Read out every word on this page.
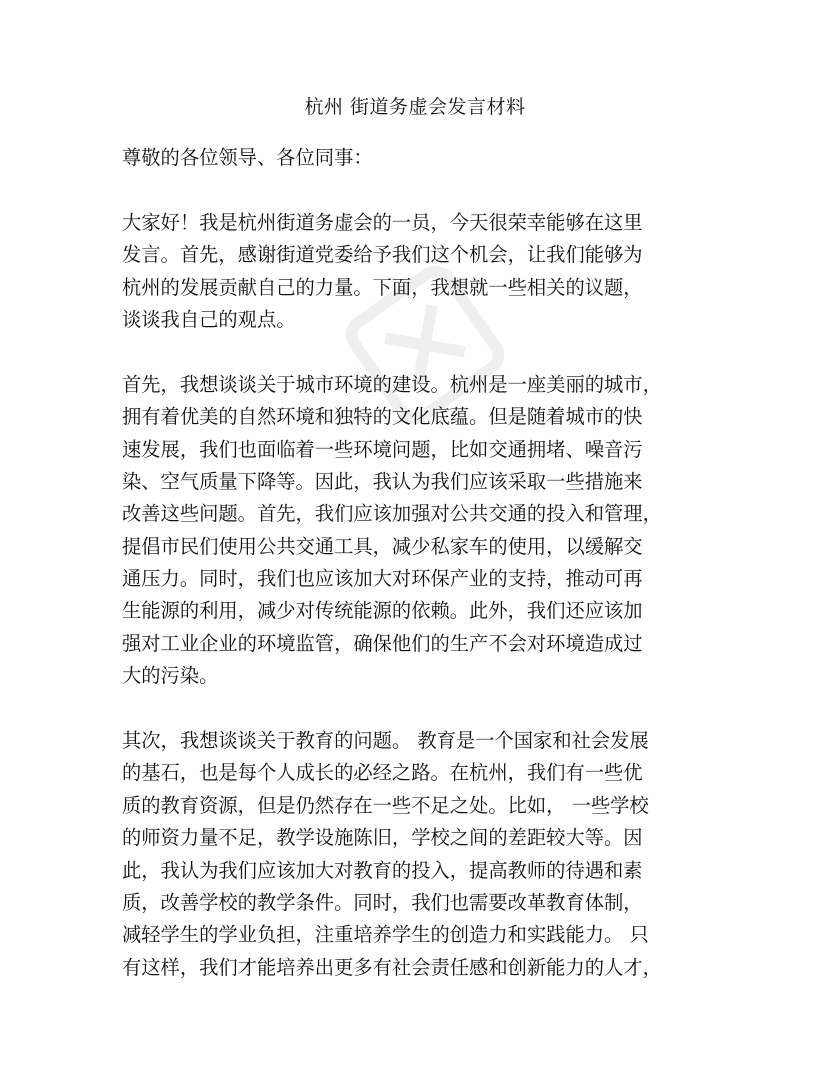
杭州 街道务虚会发言材料
尊敬的各位领导、各位同事：
大家好！我是杭州街道务虚会的一员，今天很荣幸能够在这里
发言。首先，感谢街道党委给予我们这个机会，让我们能够为
杭州的发展贡献自己的力量。下面，我想就一些相关的议题，
谈谈我自己的观点。
首先，我想谈谈关于城市环境的建设。杭州是一座美丽的城市，
拥有着优美的自然环境和独特的文化底蕴。但是随着城市的快
速发展，我们也面临着一些环境问题，比如交通拥堵、噪音污
染、空气质量下降等。因此，我认为我们应该采取一些措施来
改善这些问题。首先，我们应该加强对公共交通的投入和管理，
提倡市民们使用公共交通工具，减少私家车的使用，以缓解交
通压力。同时，我们也应该加大对环保产业的支持，推动可再
生能源的利用，减少对传统能源的依赖。此外，我们还应该加
强对工业企业的环境监管，确保他们的生产不会对环境造成过
大的污染。
其次，我想谈谈关于教育的问题。 教育是一个国家和社会发展
的基石，也是每个人成长的必经之路。在杭州，我们有一些优
质的教育资源，但是仍然存在一些不足之处。比如， 一些学校
的师资力量不足，教学设施陈旧，学校之间的差距较大等。因
此，我认为我们应该加大对教育的投入，提高教师的待遇和素
质，改善学校的教学条件。同时，我们也需要改革教育体制，
减轻学生的学业负担，注重培养学生的创造力和实践能力。 只
有这样，我们才能培养出更多有社会责任感和创新能力的人才，
